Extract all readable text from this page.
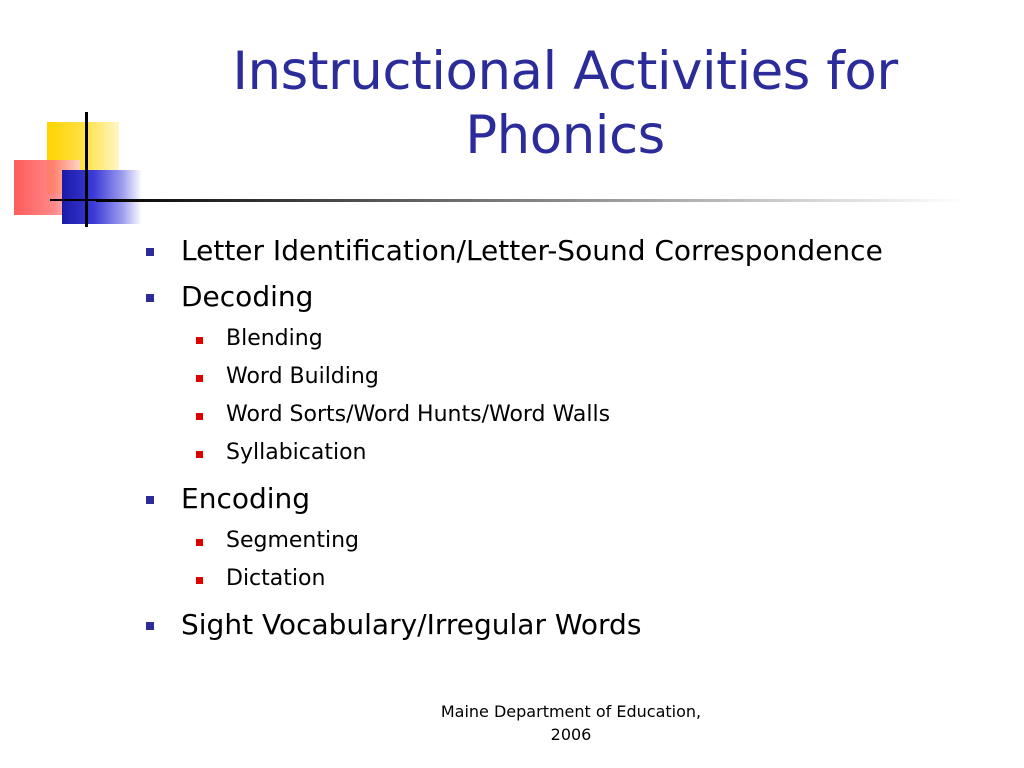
Instructional Activities for
Phonics
Letter Identification/Letter-Sound Correspondence
Decoding
Blending
Word Building
Word Sorts/Word Hunts/Word Walls
Syllabication
Encoding
Segmenting
Dictation
Sight Vocabulary/Irregular Words
Maine Department of Education,
2006
